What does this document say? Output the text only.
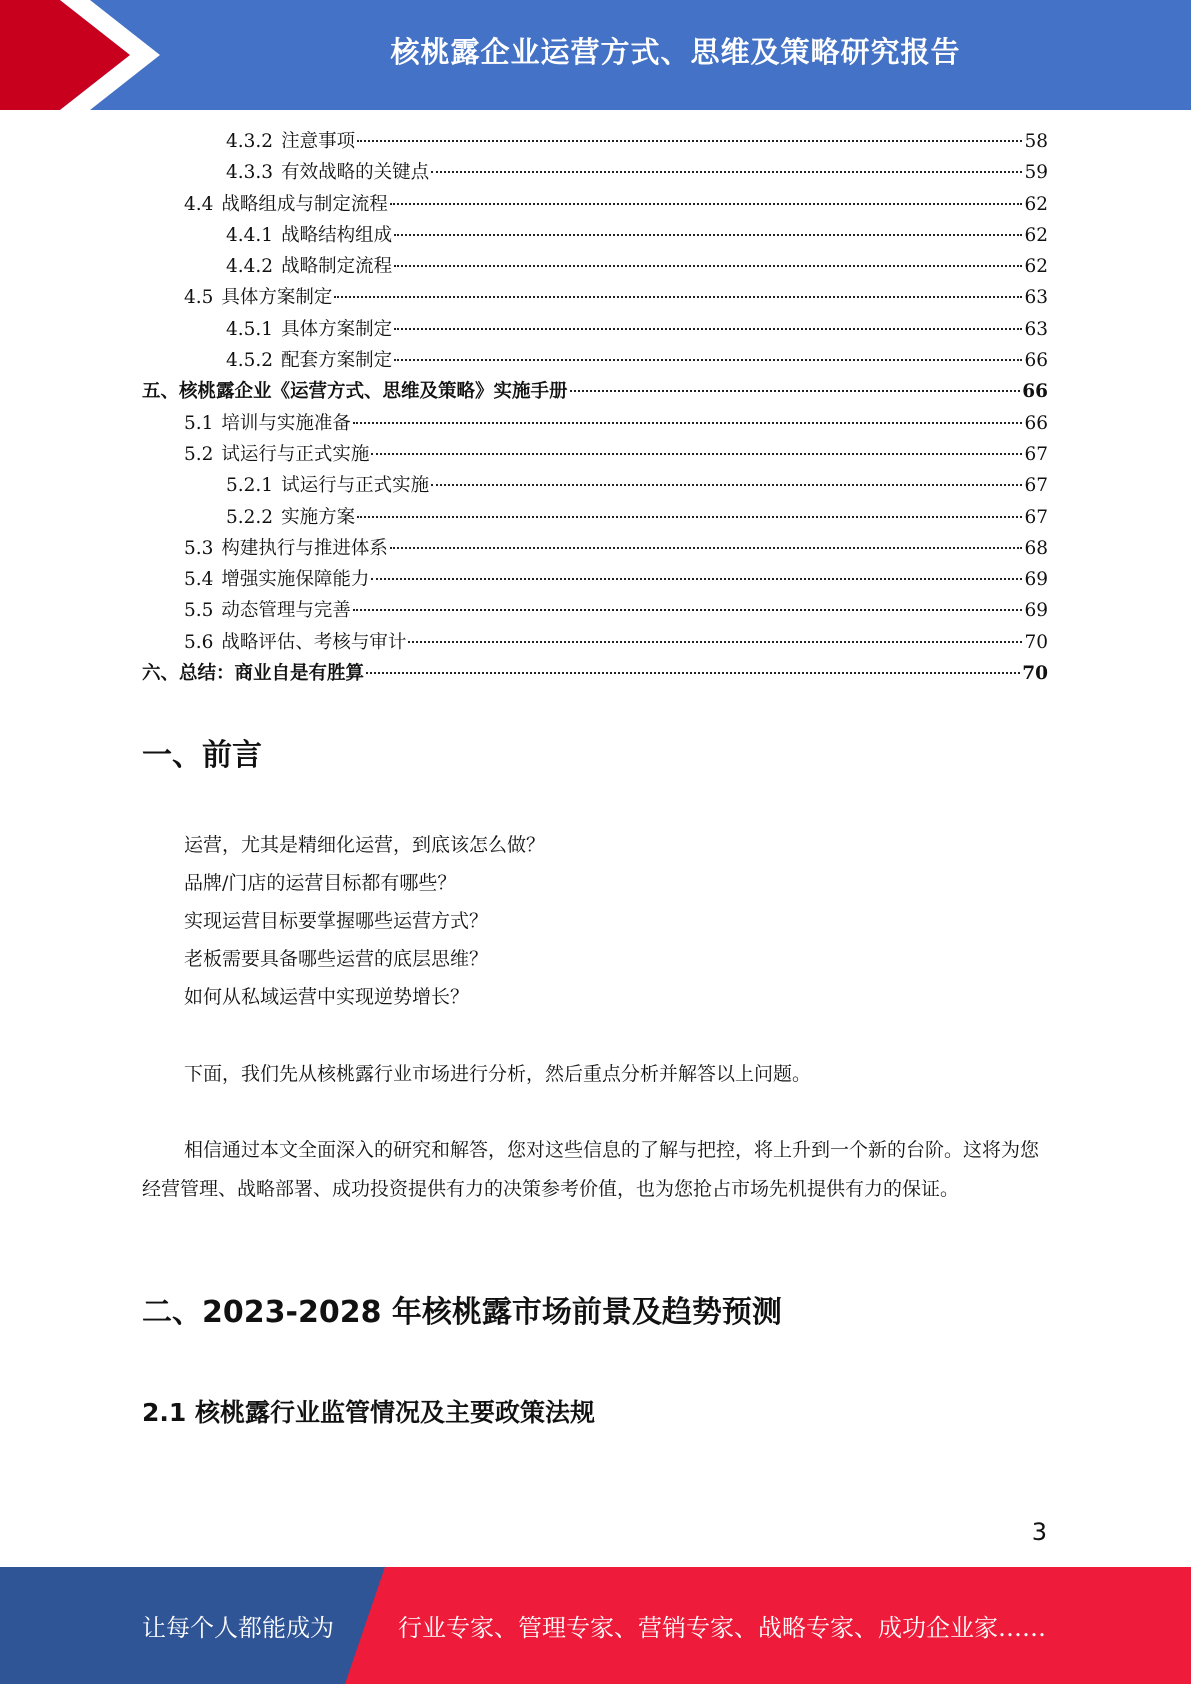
核桃露企业运营方式、思维及策略研究报告
4.3.2 注意事项	58
4.3.3 有效战略的关键点	59
4.4 战略组成与制定流程	62
4.4.1 战略结构组成	62
4.4.2 战略制定流程	62
4.5 具体方案制定	63
4.5.1 具体方案制定	63
4.5.2 配套方案制定	66
五、 核桃露企业《运营方式、思维及策略》实施手册	66
5.1 培训与实施准备	66
5.2 试运行与正式实施	67
5.2.1 试运行与正式实施	67
5.2.2 实施方案	67
5.3 构建执行与推进体系	68
5.4 增强实施保障能力	69
5.5 动态管理与完善	69
5.6 战略评估、考核与审计	70
六、 总结：商业自是有胜算	70
一、前言

运营，尤其是精细化运营，到底该怎么做？

品牌/门店的运营目标都有哪些？

实现运营目标要掌握哪些运营方式？

老板需要具备哪些运营的底层思维？

如何从私域运营中实现逆势增长？

下面，我们先从核桃露行业市场进行分析，然后重点分析并解答以上问题。

相信通过本文全面深入的研究和解答，您对这些信息的了解与把控，将上升到一个新的台阶。这将为您经营管理、战略部署、成功投资提供有力的决策参考价值，也为您抢占市场先机提供有力的保证。

二、2023-2028 年核桃露市场前景及趋势预测
2.1 核桃露行业监管情况及主要政策法规
3
让每个人都能成为	行业专家、管理专家、营销专家、战略专家、成功企业家……
